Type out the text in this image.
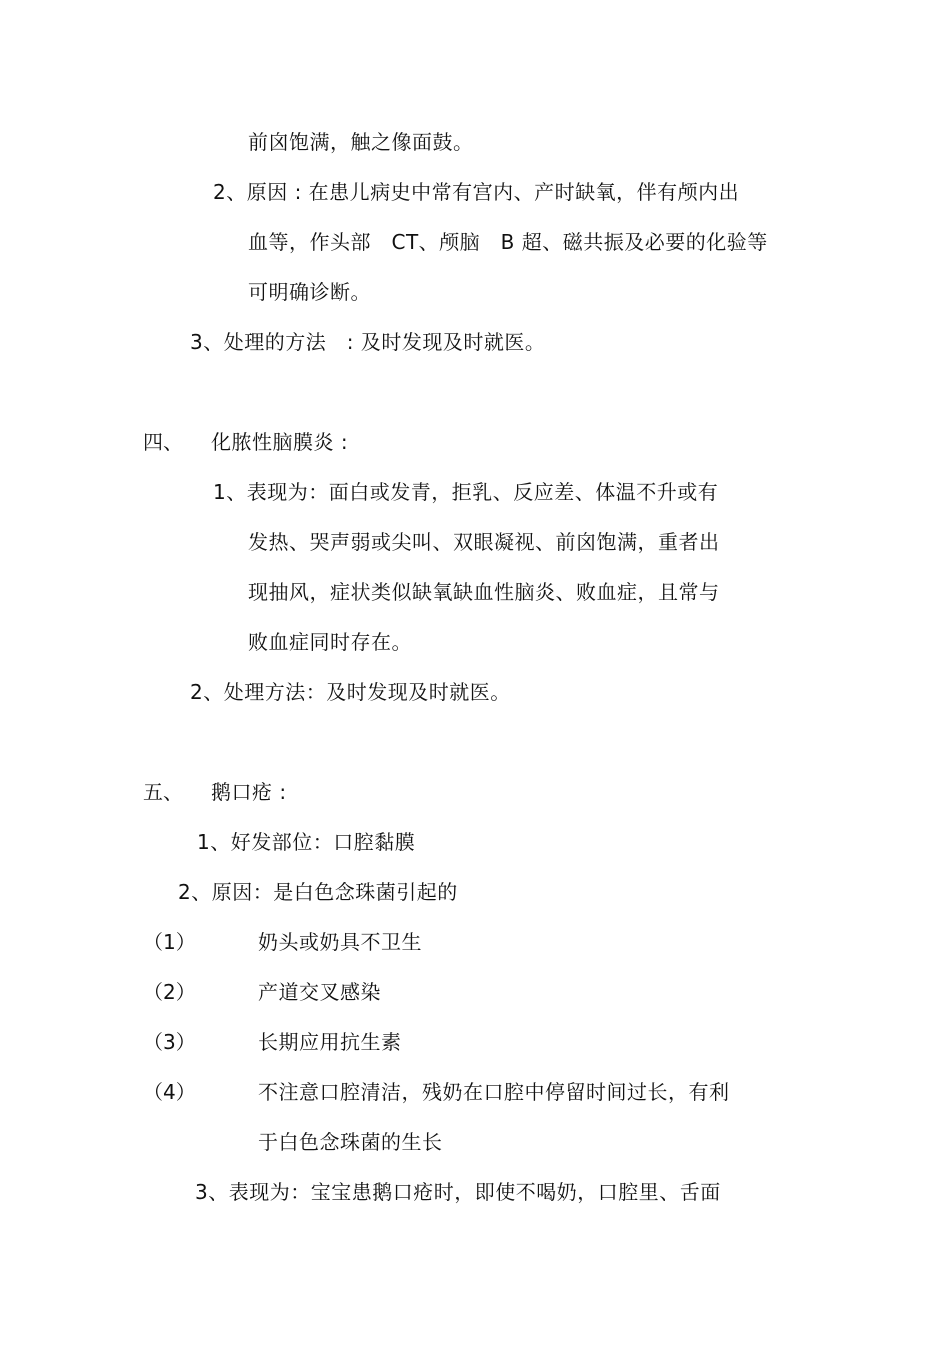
前囟饱满，触之像面鼓。
2、原因 : 在患儿病史中常有宫内、产时缺氧，伴有颅内出
血等，作头部　CT、颅脑　B 超、磁共振及必要的化验等
可明确诊断。
3、处理的方法　: 及时发现及时就医。
四、 化脓性脑膜炎 :
1、表现为：面白或发青，拒乳、反应差、体温不升或有
发热、哭声弱或尖叫、双眼凝视、前囟饱满，重者出
现抽风，症状类似缺氧缺血性脑炎、败血症，且常与
败血症同时存在。
2、处理方法：及时发现及时就医。
五、 鹅口疮 :
1、好发部位：口腔黏膜
2、原因：是白色念珠菌引起的
（1）	奶头或奶具不卫生
（2）	产道交叉感染
（3）	长期应用抗生素
（4）	不注意口腔清洁，残奶在口腔中停留时间过长，有利
于白色念珠菌的生长
3、表现为：宝宝患鹅口疮时，即使不喝奶，口腔里、舌面
